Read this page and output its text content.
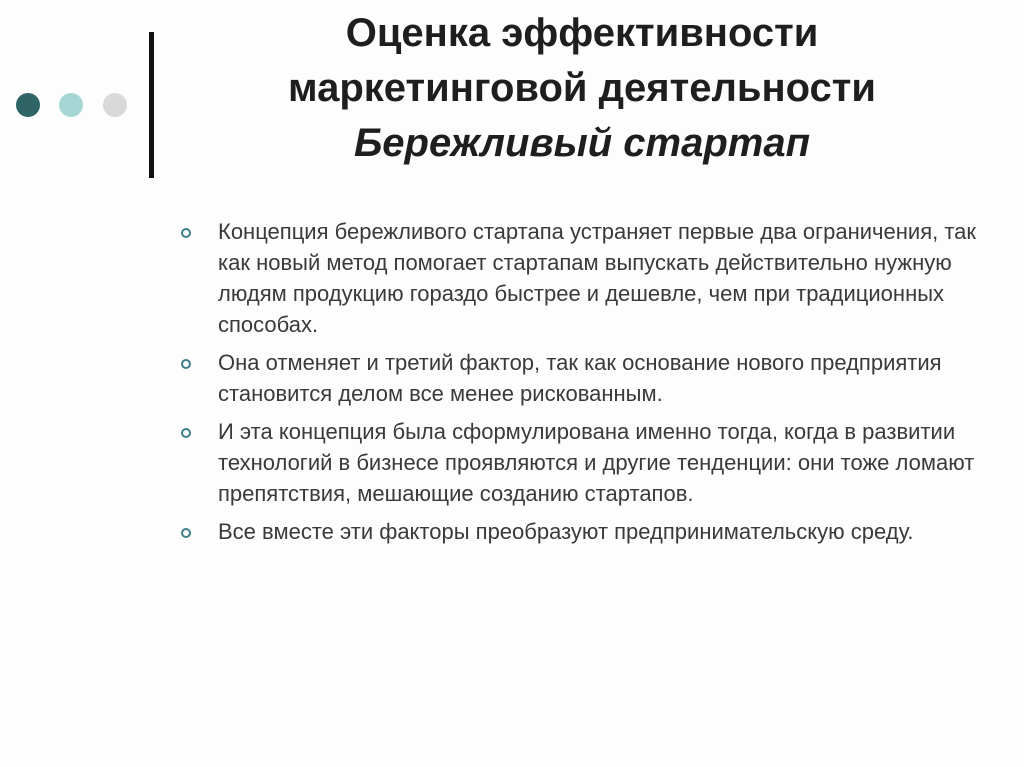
Оценка эффективности
маркетинговой деятельности
Бережливый стартап
Концепция бережливого стартапа устраняет первые два ограничения, так как новый метод помогает стартапам выпускать действительно нужную людям продукцию гораздо быстрее и дешевле, чем при традиционных способах.
Она отменяет и третий фактор, так как основание нового предприятия становится делом все менее рискованным.
И эта концепция была сформулирована именно тогда, когда в развитии технологий в бизнесе проявляются и другие тенденции: они тоже ломают препятствия, мешающие созданию стартапов.
Все вместе эти факторы преобразуют предпринимательскую среду.
